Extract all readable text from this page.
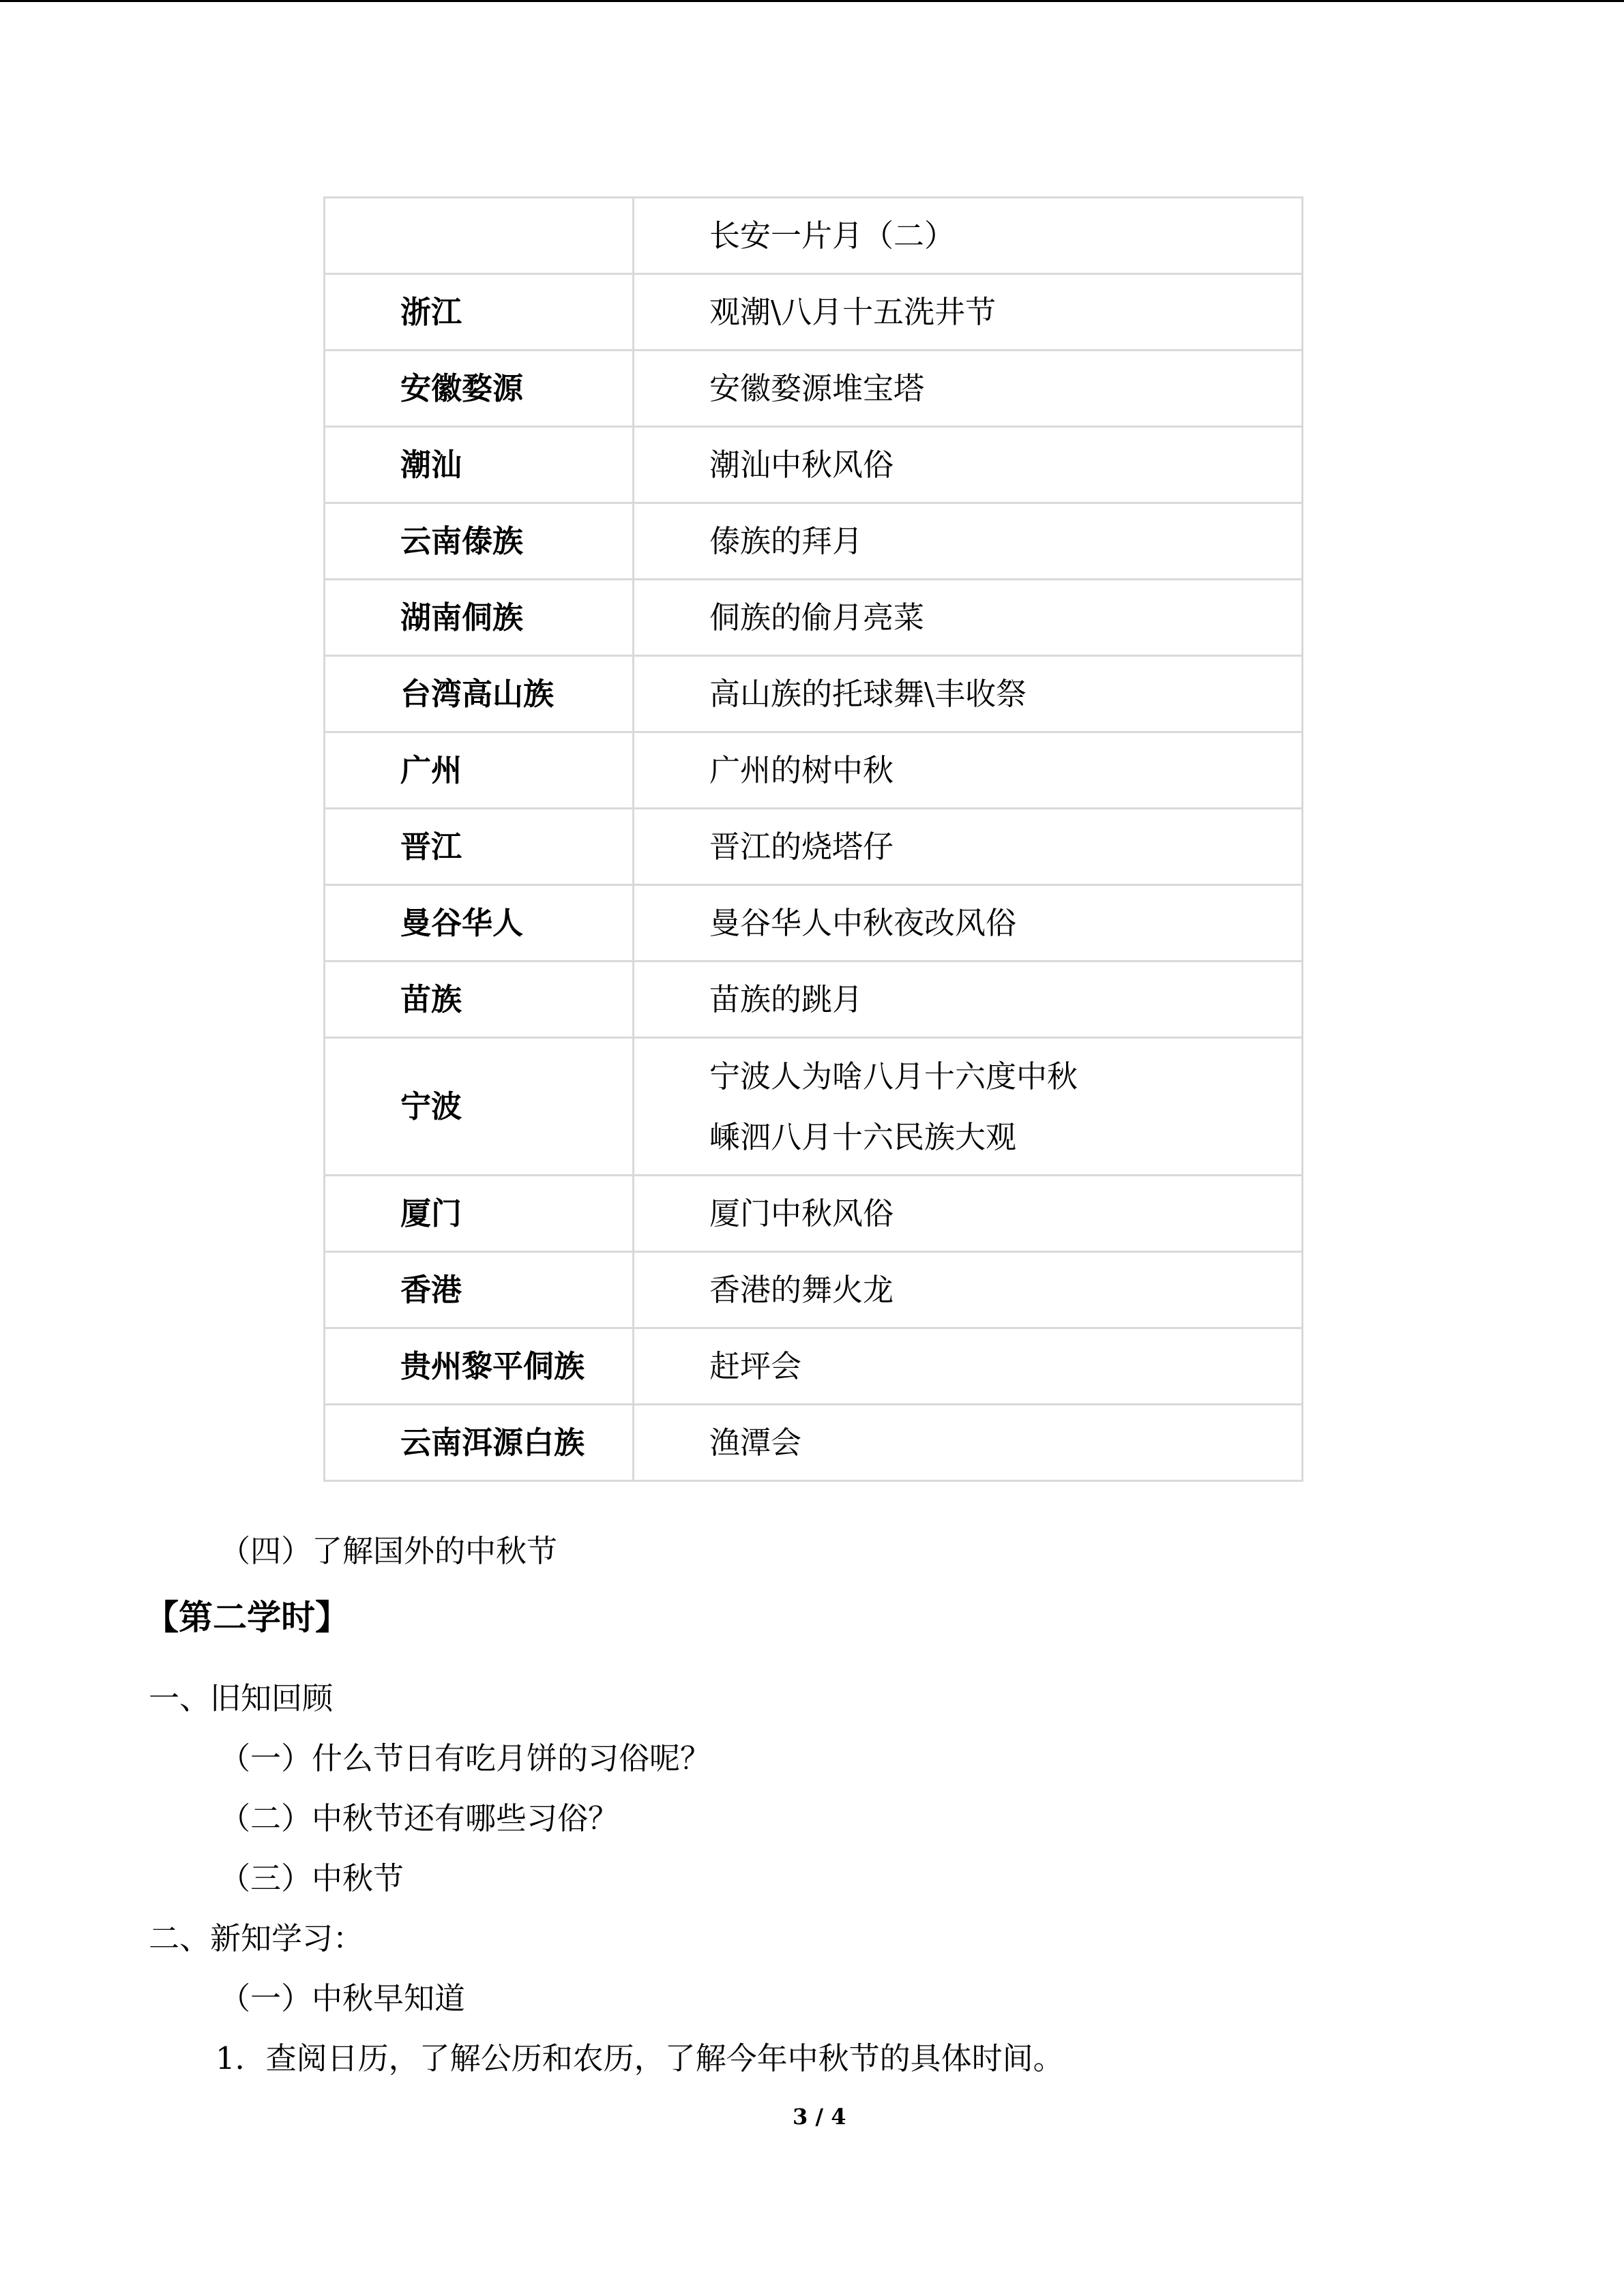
	长安一片月（二）
浙江	观潮\八月十五洗井节

安徽婺源	安徽婺源堆宝塔

潮汕	潮汕中秋风俗

云南傣族	傣族的拜月

湖南侗族	侗族的偷月亮菜

台湾高山族	高山族的托球舞\丰收祭

广州	广州的树中秋

晋江	晋江的烧塔仔

曼谷华人	曼谷华人中秋夜改风俗

苗族	苗族的跳月

宁波	宁波人为啥八月十六度中秋
嵊泗八月十六民族大观

厦门	厦门中秋风俗

香港	香港的舞火龙

贵州黎平侗族	赶坪会

云南洱源白族	渔潭会
（四）了解国外的中秋节
【第二学时】
一、旧知回顾
（一）什么节日有吃月饼的习俗呢？
（二）中秋节还有哪些习俗？
（三）中秋节
二、新知学习：
（一）中秋早知道
1．查阅日历，了解公历和农历，了解今年中秋节的具体时间。
3 / 4
